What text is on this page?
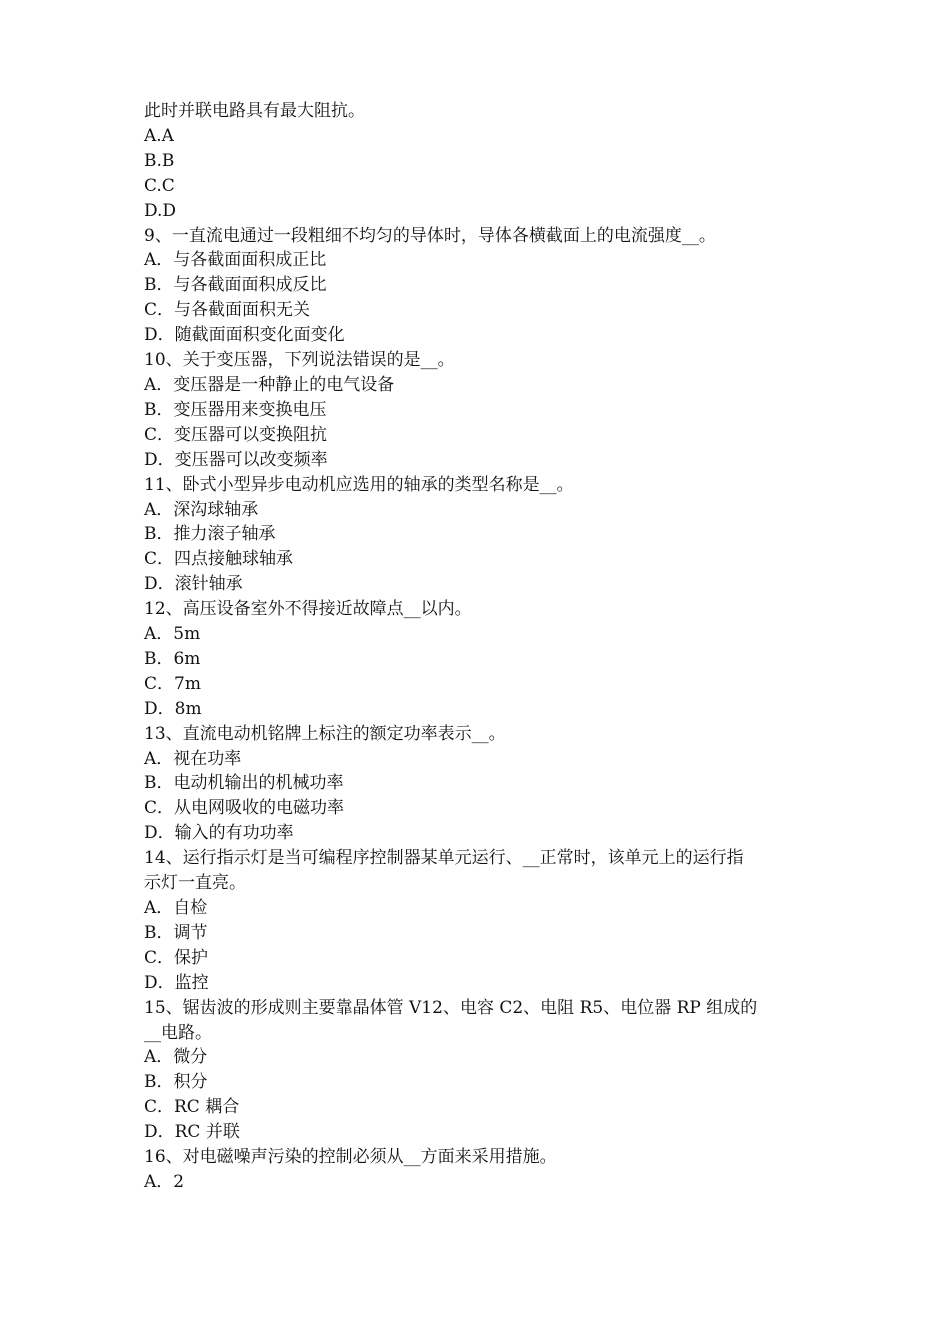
此时并联电路具有最大阻抗。
A.A
B.B
C.C
D.D
9、一直流电通过一段粗细不均匀的导体时，导体各横截面上的电流强度__。
A．与各截面面积成正比
B．与各截面面积成反比
C．与各截面面积无关
D．随截面面积变化面变化
10、关于变压器，下列说法错误的是__。
A．变压器是一种静止的电气设备
B．变压器用来变换电压
C．变压器可以变换阻抗
D．变压器可以改变频率
11、卧式小型异步电动机应选用的轴承的类型名称是__。
A．深沟球轴承
B．推力滚子轴承
C．四点接触球轴承
D．滚针轴承
12、高压设备室外不得接近故障点__以内。
A．5m
B．6m
C．7m
D．8m
13、直流电动机铭牌上标注的额定功率表示__。
A．视在功率
B．电动机输出的机械功率
C．从电网吸收的电磁功率
D．输入的有功功率
14、运行指示灯是当可编程序控制器某单元运行、__正常时，该单元上的运行指
示灯一直亮。
A．自检
B．调节
C．保护
D．监控
15、锯齿波的形成则主要靠晶体管 V12、电容 C2、电阻 R5、电位器 RP 组成的
__电路。
A．微分
B．积分
C．RC 耦合
D．RC 并联
16、对电磁噪声污染的控制必须从__方面来采用措施。
A．2
